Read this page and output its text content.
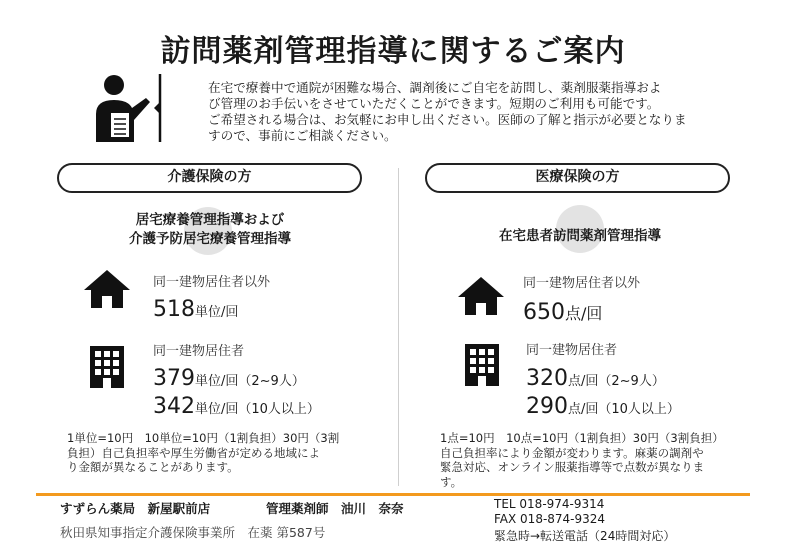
訪問薬剤管理指導に関するご案内
在宅で療養中で通院が困難な場合、調剤後にご自宅を訪問し、薬剤服薬指導およ
び管理のお手伝いをさせていただくことができます。短期のご利用も可能です。
ご希望される場合は、お気軽にお申し出ください。医師の了解と指示が必要となりま
すので、事前にご相談ください。
介護保険の方	医療保険の方
居宅療養管理指導および
介護予防居宅療養管理指導
同一建物居住者以外
518単位/回
同一建物居住者
379単位/回（2~9人）
342単位/回（10人以上）
1単位=10円　10単位=10円（1割負担）30円（3割
負担）自己負担率や厚生労働省が定める地域によ
り金額が異なることがあります。
在宅患者訪問薬剤管理指導
同一建物居住者以外
650点/回
同一建物居住者
320点/回（2~9人）
290点/回（10人以上）
1点=10円　10点=10円（1割負担）30円（3割負担）
自己負担率により金額が変わります。麻薬の調剤や
緊急対応、オンライン服薬指導等で点数が異なりま
す。
すずらん薬局　新屋駅前店	管理薬剤師　油川　奈奈
秋田県知事指定介護保険事業所　在薬 第587号
TEL 018-974-9314
FAX 018-874-9324
緊急時→転送電話（24時間対応）
